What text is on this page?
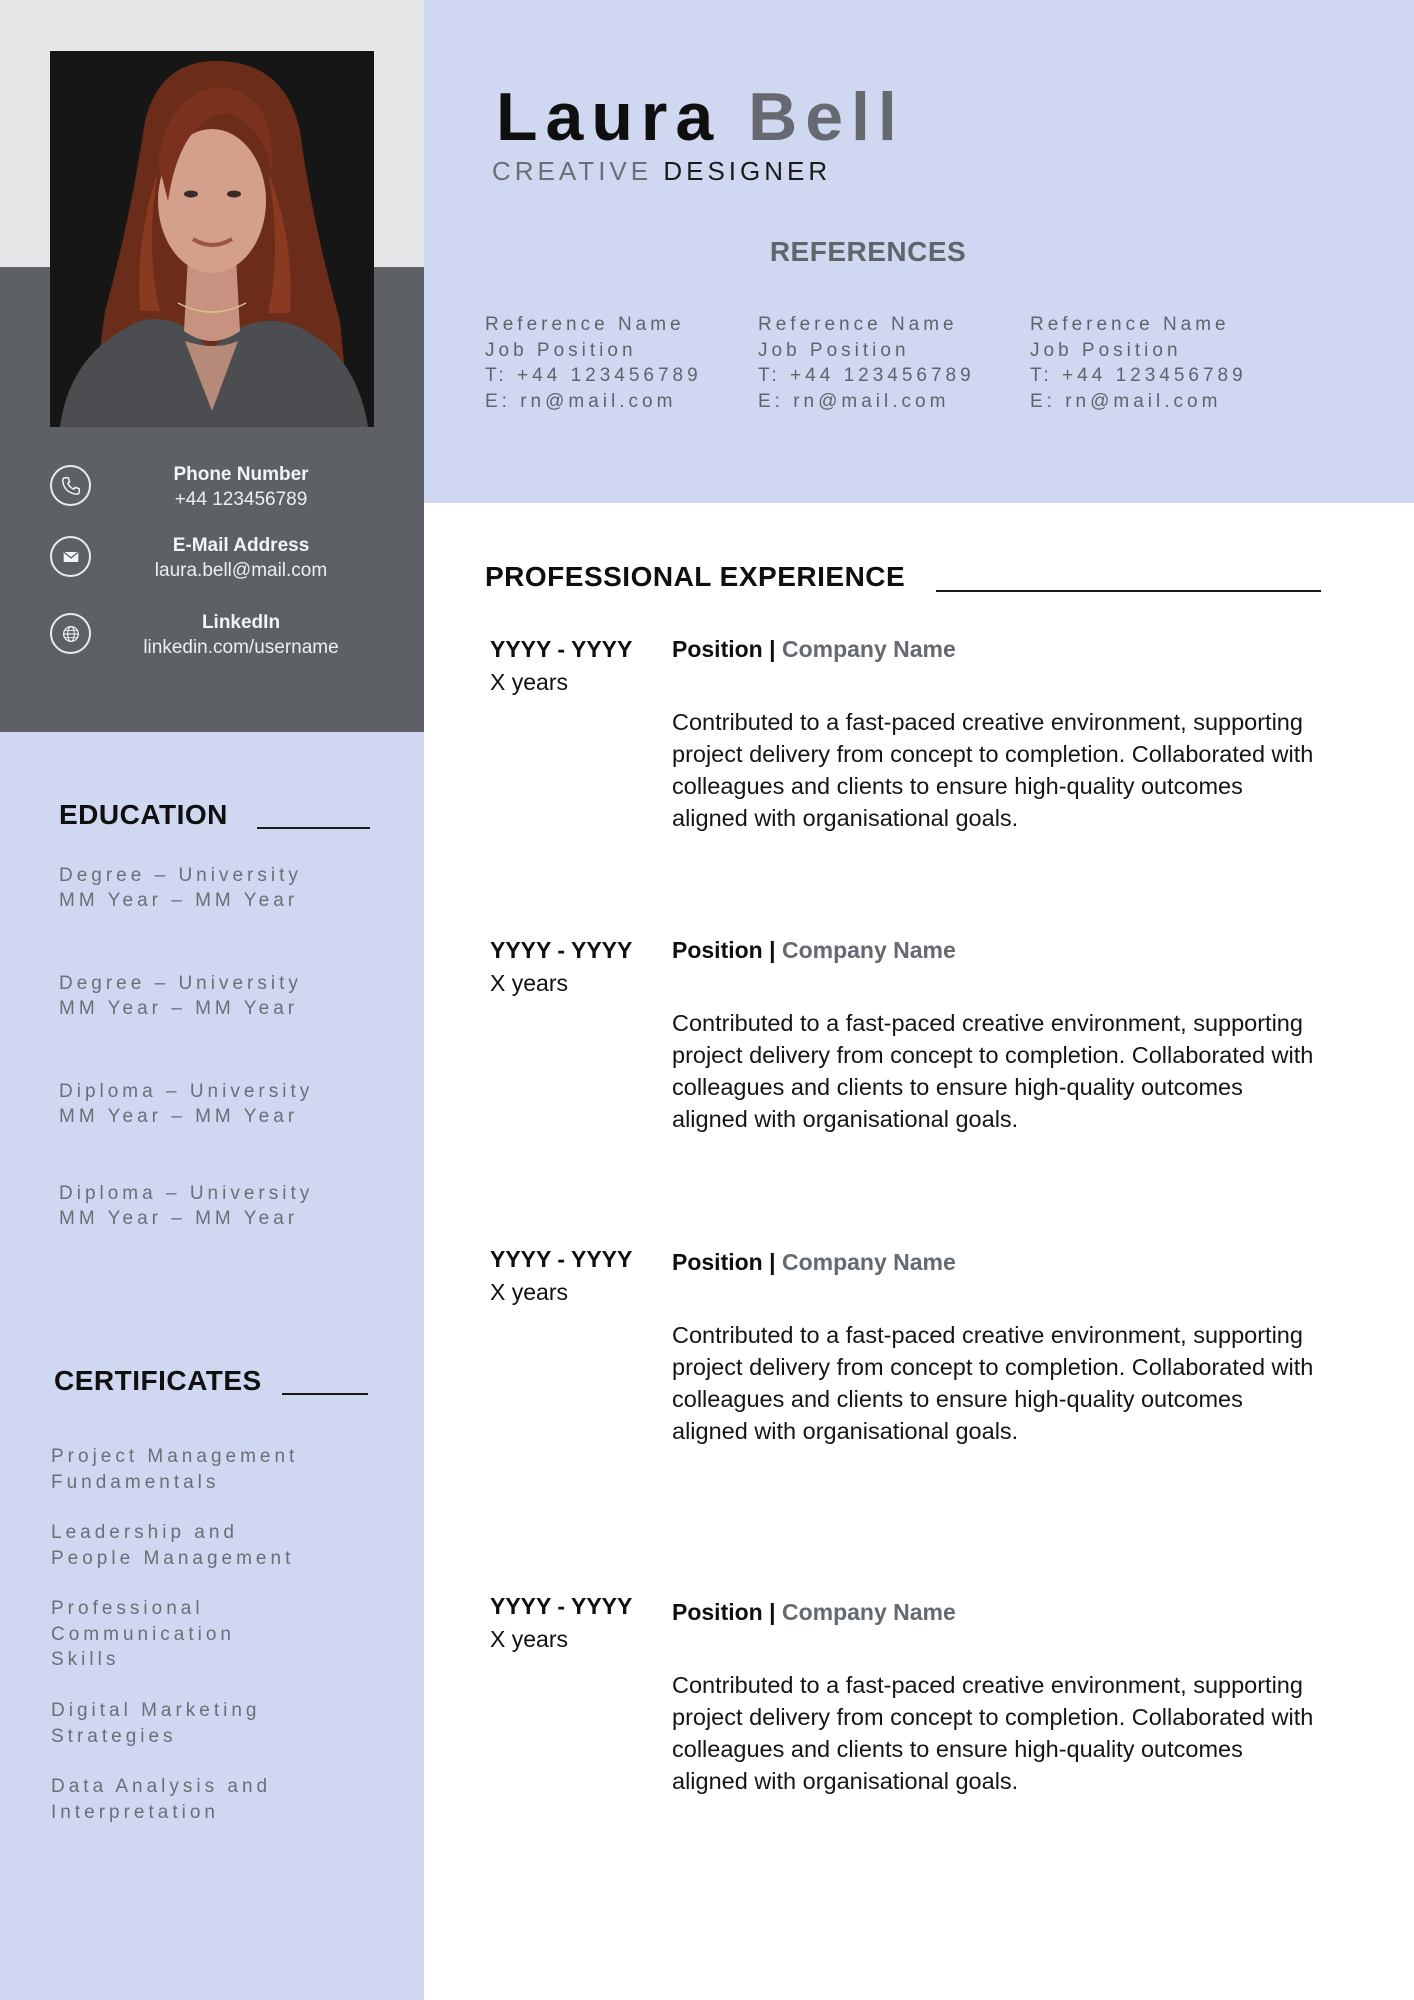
Phone Number
+44 123456789
E-Mail Address
laura.bell@mail.com
LinkedIn
linkedin.com/username
EDUCATION
Degree – University
MM Year – MM Year
Degree – University
MM Year – MM Year
Diploma – University
MM Year – MM Year
Diploma – University
MM Year – MM Year
CERTIFICATES
Project Management
Fundamentals
Leadership and
People Management
Professional
Communication
Skills
Digital Marketing
Strategies
Data Analysis and
Interpretation
Laura Bell
CREATIVE DESIGNER
REFERENCES
Reference Name
Job Position
T: +44 123456789
E: rn@mail.com
Reference Name
Job Position
T: +44 123456789
E: rn@mail.com
Reference Name
Job Position
T: +44 123456789
E: rn@mail.com
PROFESSIONAL EXPERIENCE
YYYY - YYYY
X years
Position | Company Name
Contributed to a fast-paced creative environment, supporting project delivery from concept to completion. Collaborated with colleagues and clients to ensure high-quality outcomes aligned with organisational goals.
YYYY - YYYY
X years
Position | Company Name
Contributed to a fast-paced creative environment, supporting project delivery from concept to completion. Collaborated with colleagues and clients to ensure high-quality outcomes aligned with organisational goals.
YYYY - YYYY
X years
Position | Company Name
Contributed to a fast-paced creative environment, supporting project delivery from concept to completion. Collaborated with colleagues and clients to ensure high-quality outcomes aligned with organisational goals.
YYYY - YYYY
X years
Position | Company Name
Contributed to a fast-paced creative environment, supporting project delivery from concept to completion. Collaborated with colleagues and clients to ensure high-quality outcomes aligned with organisational goals.
